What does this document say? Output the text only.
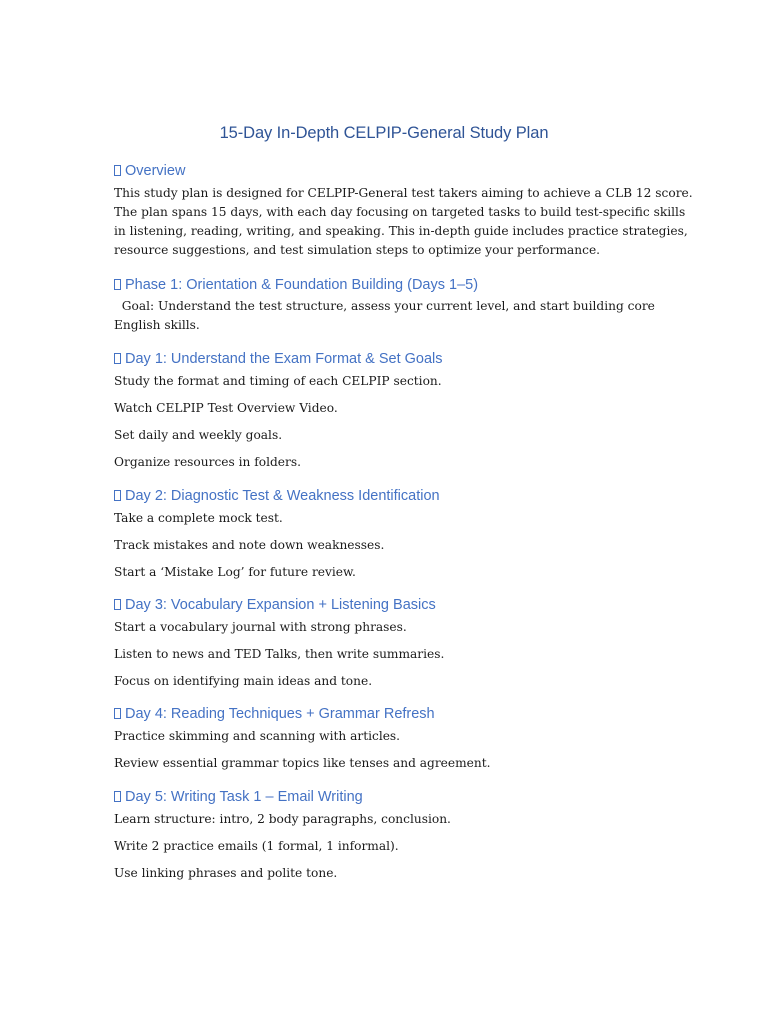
15-Day In-Depth CELPIP-General Study Plan
Overview
This study plan is designed for CELPIP-General test takers aiming to achieve a CLB 12 score.
The plan spans 15 days, with each day focusing on targeted tasks to build test-specific skills
in listening, reading, writing, and speaking. This in-depth guide includes practice strategies,
resource suggestions, and test simulation steps to optimize your performance.
Phase 1: Orientation & Foundation Building (Days 1–5)
Goal: Understand the test structure, assess your current level, and start building core
English skills.
Day 1: Understand the Exam Format & Set Goals
Study the format and timing of each CELPIP section.
Watch CELPIP Test Overview Video.
Set daily and weekly goals.
Organize resources in folders.
Day 2: Diagnostic Test & Weakness Identification
Take a complete mock test.
Track mistakes and note down weaknesses.
Start a ‘Mistake Log’ for future review.
Day 3: Vocabulary Expansion + Listening Basics
Start a vocabulary journal with strong phrases.
Listen to news and TED Talks, then write summaries.
Focus on identifying main ideas and tone.
Day 4: Reading Techniques + Grammar Refresh
Practice skimming and scanning with articles.
Review essential grammar topics like tenses and agreement.
Day 5: Writing Task 1 – Email Writing
Learn structure: intro, 2 body paragraphs, conclusion.
Write 2 practice emails (1 formal, 1 informal).
Use linking phrases and polite tone.
